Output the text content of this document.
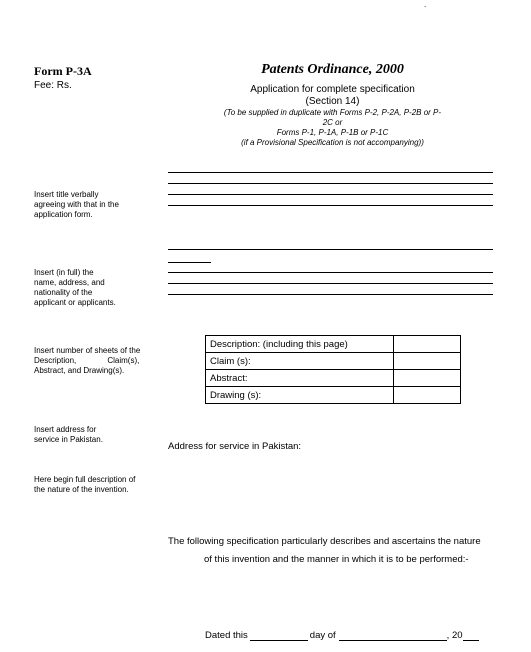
.
Form P-3A
Fee: Rs.
Patents Ordinance, 2000
Application for complete specification
(Section 14)
(To be supplied in duplicate with Forms P-2, P-2A, P-2B or P-
2C or
Forms P-1, P-1A, P-1B or P-1C
(if a Provisional Specification is not accompanying))
Insert title verbally
agreeing with that in the
application form.
Insert (in full) the
name, address, and
nationality of the
applicant or applicants.
Insert number of sheets of the
Description,              Claim(s),
Abstract, and Drawing(s).
Description: (including this page)	
Claim (s):	
Abstract:	
Drawing (s):	
Insert address for
service in Pakistan.
Address for service in Pakistan:
Here begin full description of
the nature of the invention.
The following specification particularly describes and ascertains the nature
of this invention and the manner in which it is to be performed:-
Dated this	day of	, 20
